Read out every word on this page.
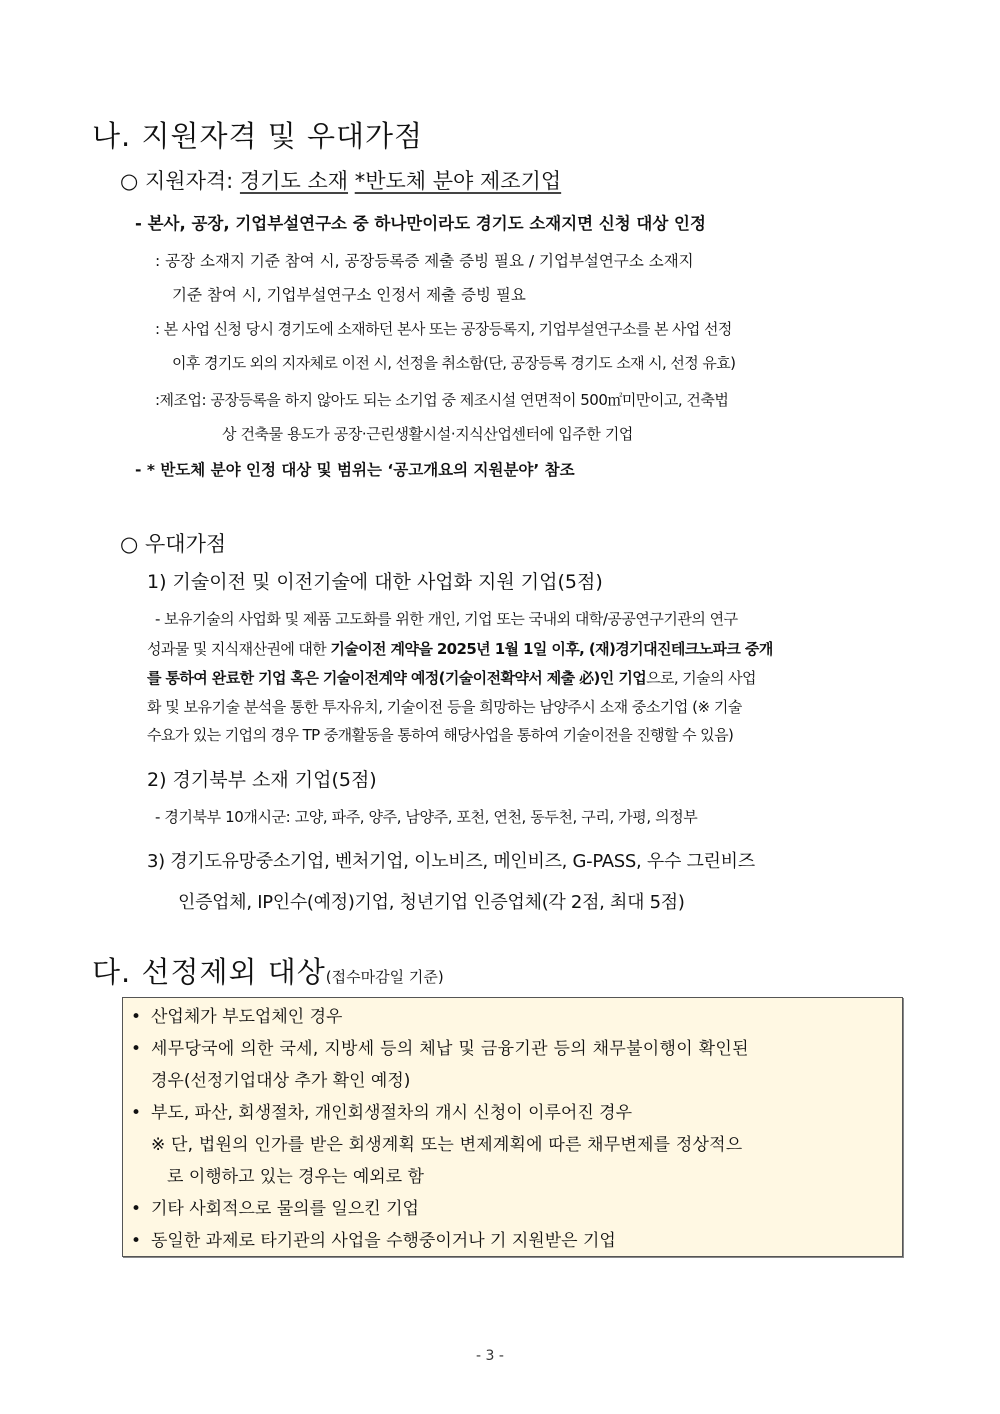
나. 지원자격 및 우대가점
○ 지원자격: 경기도 소재 *반도체 분야 제조기업
- 본사, 공장, 기업부설연구소 중 하나만이라도 경기도 소재지면 신청 대상 인정
: 공장 소재지 기준 참여 시, 공장등록증 제출 증빙 필요 / 기업부설연구소 소재지
기준 참여 시, 기업부설연구소 인정서 제출 증빙 필요
: 본 사업 신청 당시 경기도에 소재하던 본사 또는 공장등록지, 기업부설연구소를 본 사업 선정
이후 경기도 외의 지자체로 이전 시, 선정을 취소함(단, 공장등록 경기도 소재 시, 선정 유효)
:제조업: 공장등록을 하지 않아도 되는 소기업 중 제조시설 연면적이 500㎡미만이고, 건축법
상 건축물 용도가 공장·근린생활시설·지식산업센터에 입주한 기업
- * 반도체 분야 인정 대상 및 범위는 ‘공고개요의 지원분야’ 참조
○ 우대가점
1) 기술이전 및 이전기술에 대한 사업화 지원 기업(5점)
- 보유기술의 사업화 및 제품 고도화를 위한 개인, 기업 또는 국내외 대학/공공연구기관의 연구
성과물 및 지식재산권에 대한 기술이전 계약을 2025년 1월 1일 이후, (재)경기대진테크노파크 중개
를 통하여 완료한 기업 혹은 기술이전계약 예정(기술이전확약서 제출 必)인 기업으로, 기술의 사업
화 및 보유기술 분석을 통한 투자유치, 기술이전 등을 희망하는 남양주시 소재 중소기업 (※ 기술
수요가 있는 기업의 경우 TP 중개활동을 통하여 해당사업을 통하여 기술이전을 진행할 수 있음)
2) 경기북부 소재 기업(5점)
- 경기북부 10개시군: 고양, 파주, 양주, 남양주, 포천, 연천, 동두천, 구리, 가평, 의정부
3) 경기도유망중소기업, 벤처기업, 이노비즈, 메인비즈, G-PASS, 우수 그린비즈
인증업체, IP인수(예정)기업, 청년기업 인증업체(각 2점, 최대 5점)
다. 선정제외 대상(접수마감일 기준)
• 산업체가 부도업체인 경우
• 세무당국에 의한 국세, 지방세 등의 체납 및 금융기관 등의 채무불이행이 확인된
경우(선정기업대상 추가 확인 예정)
• 부도, 파산, 회생절차, 개인회생절차의 개시 신청이 이루어진 경우
※ 단, 법원의 인가를 받은 회생계획 또는 변제계획에 따른 채무변제를 정상적으
로 이행하고 있는 경우는 예외로 함
• 기타 사회적으로 물의를 일으킨 기업
• 동일한 과제로 타기관의 사업을 수행중이거나 기 지원받은 기업
- 3 -
